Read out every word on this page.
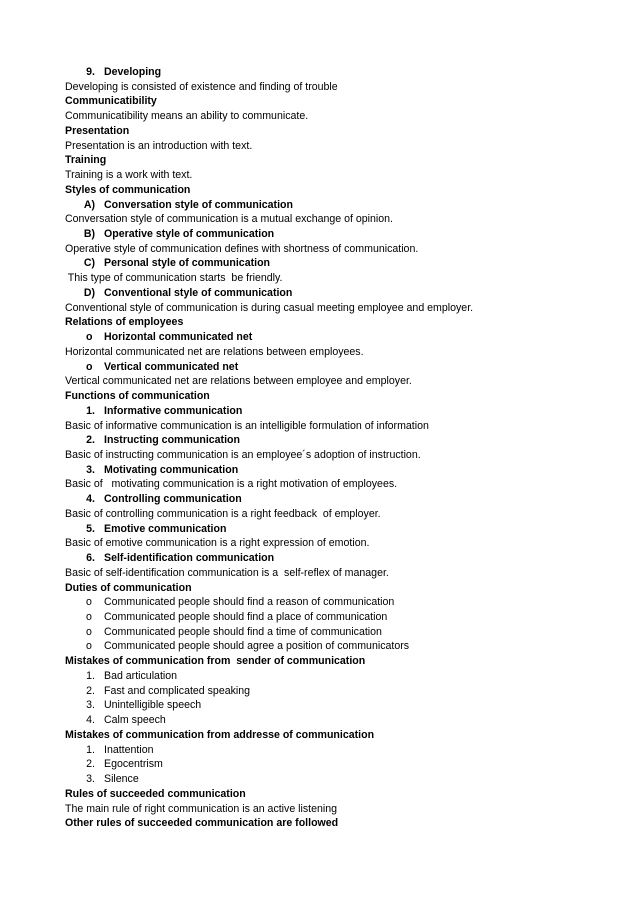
9. Developing
Developing is consisted of existence and finding of trouble
Communicatibility
Communicatibility means an ability to communicate.
Presentation
Presentation is an introduction with text.
Training
Training is a work with text.
Styles of communication
A) Conversation style of communication
Conversation style of communication is a mutual exchange of opinion.
B) Operative style of communication
Operative style of communication defines with shortness of communication.
C) Personal style of communication
This type of communication starts  be friendly.
D) Conventional style of communication
Conventional style of communication is during casual meeting employee and employer.
Relations of employees
o Horizontal communicated net
Horizontal communicated net are relations between employees.
o Vertical communicated net
Vertical communicated net are relations between employee and employer.
Functions of communication
1. Informative communication
Basic of informative communication is an intelligible formulation of information
2. Instructing communication
Basic of instructing communication is an employee´s adoption of instruction.
3. Motivating communication
Basic of   motivating communication is a right motivation of employees.
4. Controlling communication
Basic of controlling communication is a right feedback  of employer.
5. Emotive communication
Basic of emotive communication is a right expression of emotion.
6. Self-identification communication
Basic of self-identification communication is a  self-reflex of manager.
Duties of communication
o Communicated people should find a reason of communication
o Communicated people should find a place of communication
o Communicated people should find a time of communication
o Communicated people should agree a position of communicators
Mistakes of communication from  sender of communication
1. Bad articulation
2. Fast and complicated speaking
3. Unintelligible speech
4. Calm speech
Mistakes of communication from addresse of communication
1. Inattention
2. Egocentrism
3. Silence
Rules of succeeded communication
The main rule of right communication is an active listening
Other rules of succeeded communication are followed
